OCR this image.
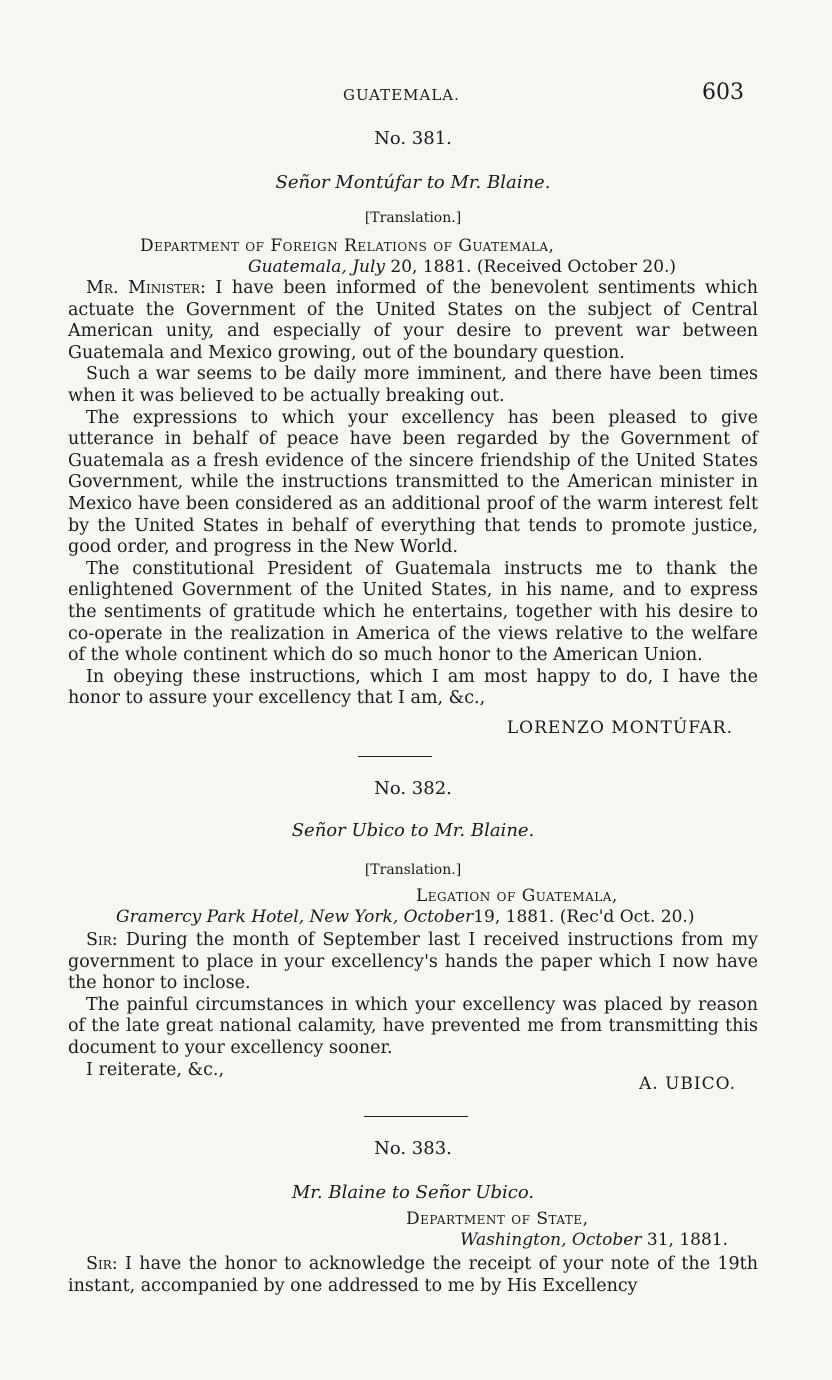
GUATEMALA.	603
No. 381.
Señor Montúfar to Mr. Blaine.
[Translation.]
Department of Foreign Relations of Guatemala,
Guatemala, July 20, 1881. (Received October 20.)

Mr. Minister: I have been informed of the benevolent sentiments which actuate the Government of the United States on the subject of Central American unity, and especially of your desire to prevent war between Guatemala and Mexico growing, out of the boundary question.

Such a war seems to be daily more imminent, and there have been times when it was believed to be actually breaking out.

The expressions to which your excellency has been pleased to give utterance in behalf of peace have been regarded by the Government of Guatemala as a fresh evidence of the sincere friendship of the United States Government, while the instructions transmitted to the American minister in Mexico have been considered as an additional proof of the warm interest felt by the United States in behalf of everything that tends to promote justice, good order, and progress in the New World.

The constitutional President of Guatemala instructs me to thank the enlightened Government of the United States, in his name, and to express the sentiments of gratitude which he entertains, together with his desire to co-operate in the realization in America of the views relative to the welfare of the whole continent which do so much honor to the American Union.

In obeying these instructions, which I am most happy to do, I have the honor to assure your excellency that I am, &c.,

LORENZO MONTÚFAR.
No. 382.
Señor Ubico to Mr. Blaine.
[Translation.]
Legation of Guatemala,
Gramercy Park Hotel, New York, October19, 1881. (Rec'd Oct. 20.)

Sir: During the month of September last I received instructions from my government to place in your excellency's hands the paper which I now have the honor to inclose.

The painful circumstances in which your excellency was placed by reason of the late great national calamity, have prevented me from transmitting this document to your excellency sooner.

I reiterate, &c.,

A. UBICO.
No. 383.
Mr. Blaine to Señor Ubico.
Department of State,
Washington, October 31, 1881.

Sir: I have the honor to acknowledge the receipt of your note of the 19th instant, accompanied by one addressed to me by His Excellency
